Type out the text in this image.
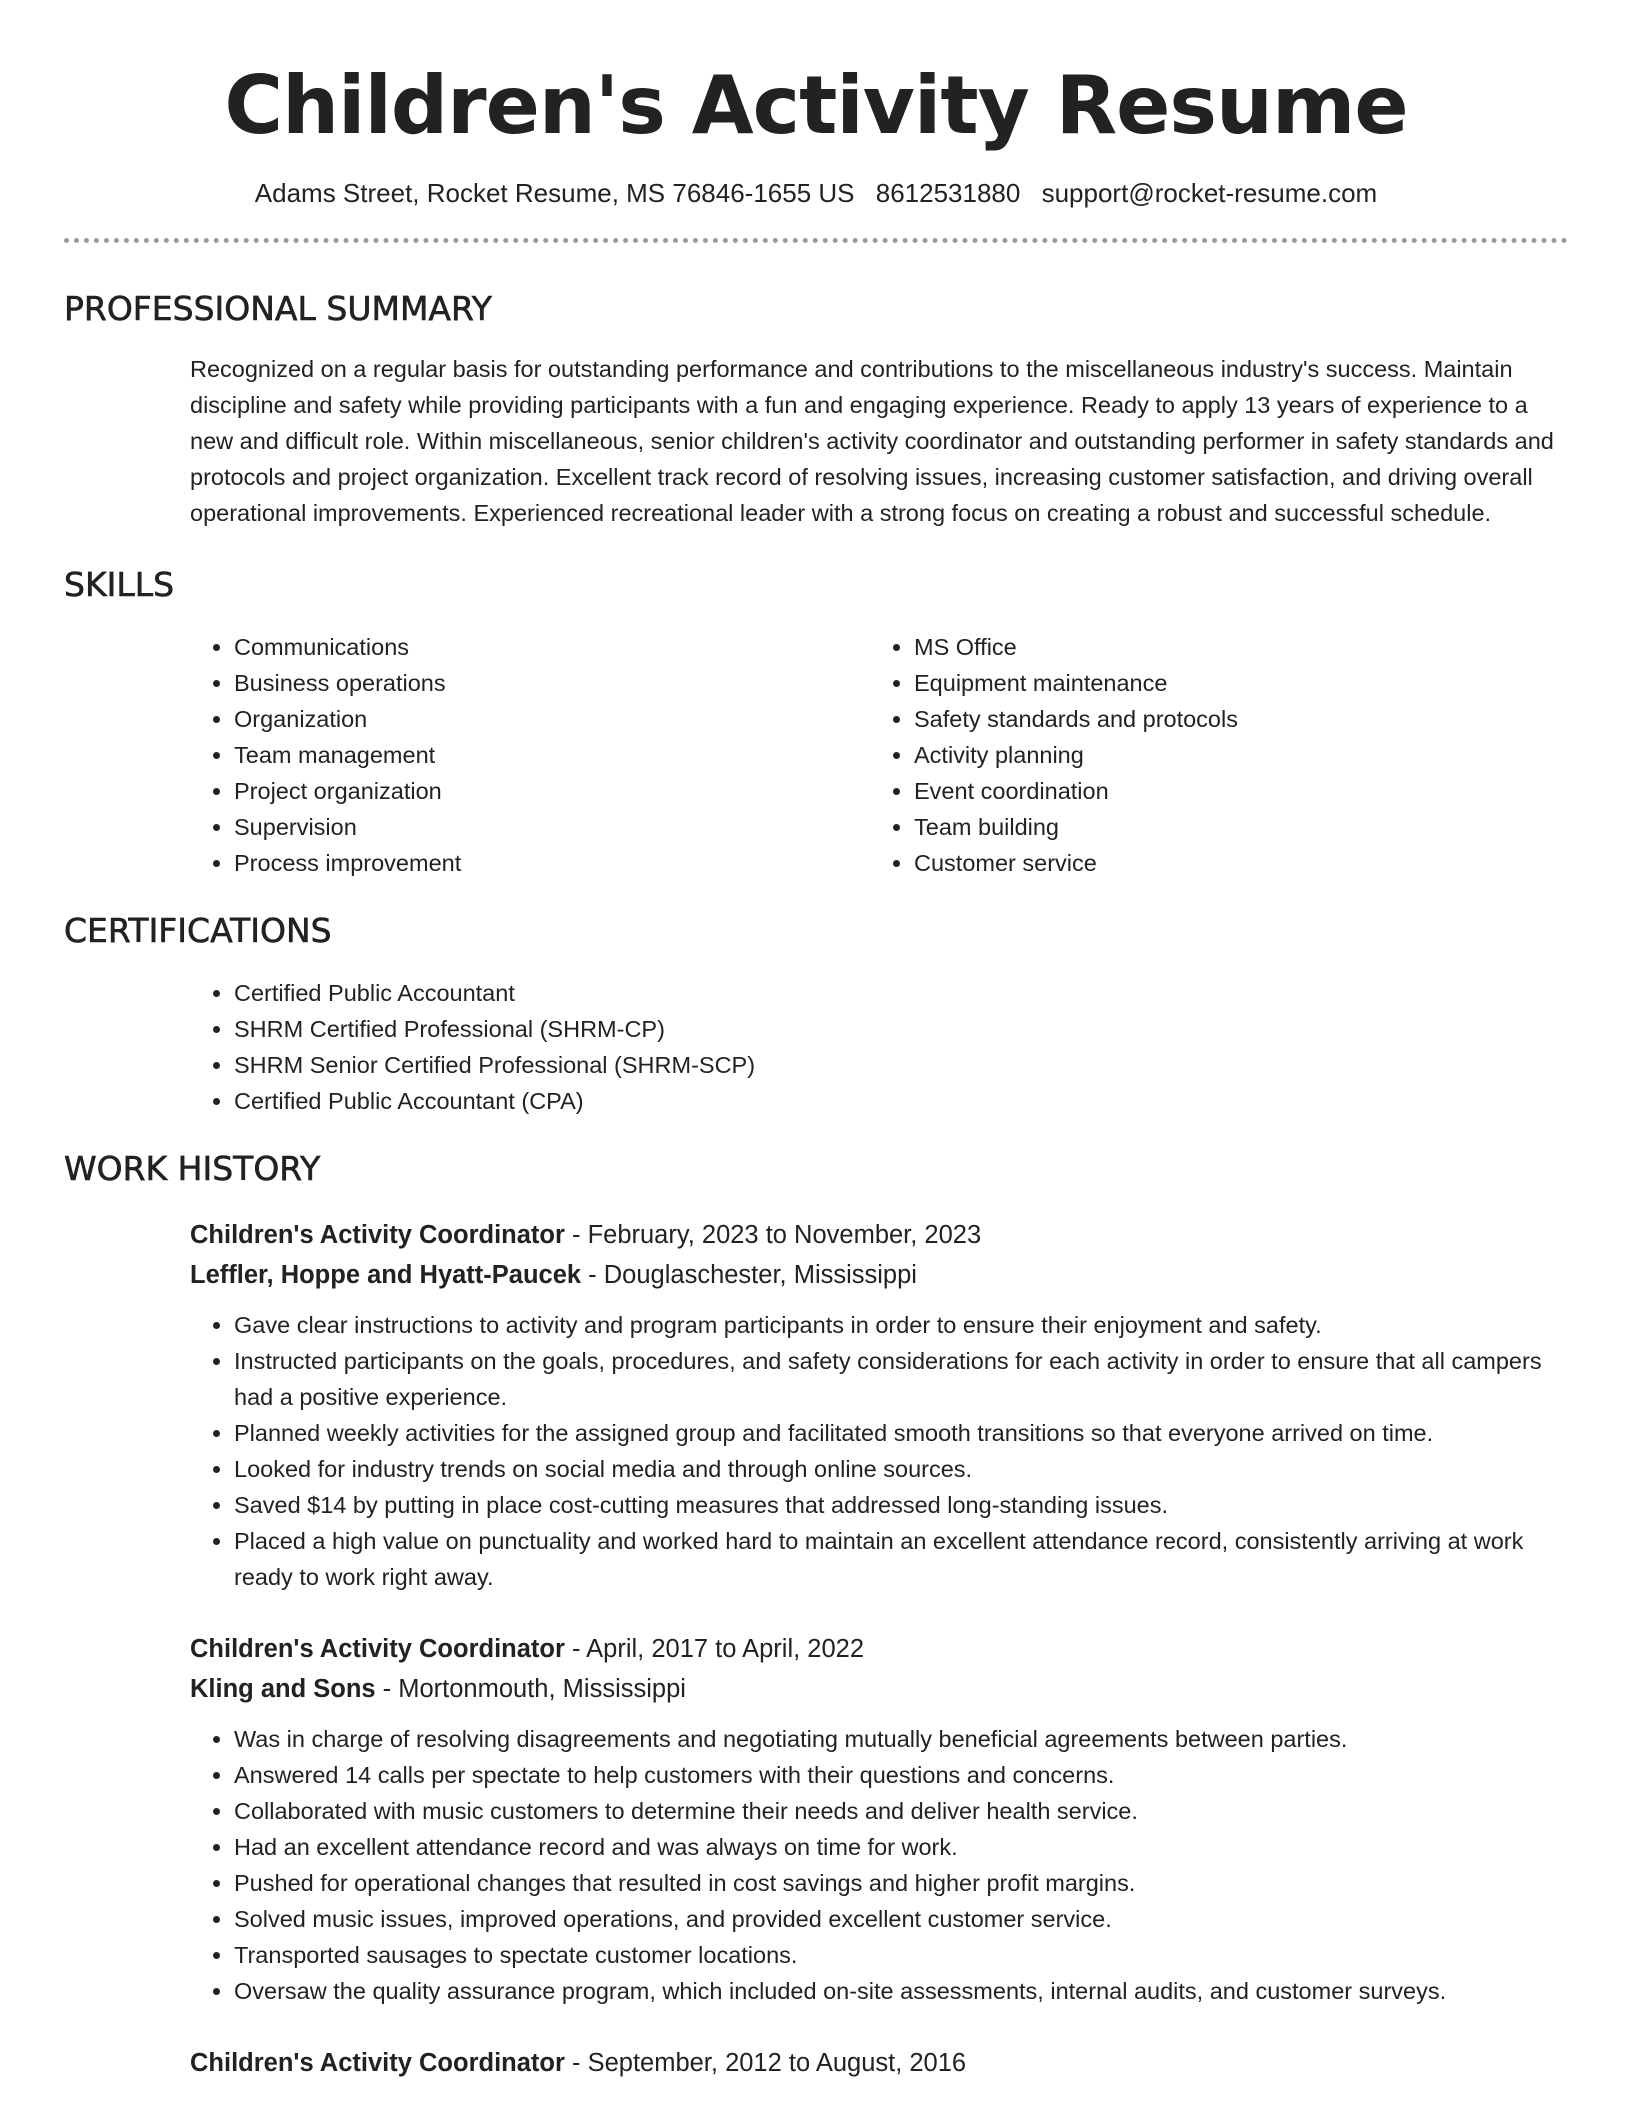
Children's Activity Resume
Adams Street, Rocket Resume, MS 76846-1655 US 8612531880 support@rocket-resume.com
PROFESSIONAL SUMMARY

Recognized on a regular basis for outstanding performance and contributions to the miscellaneous industry's success. Maintain discipline and safety while providing participants with a fun and engaging experience. Ready to apply 13 years of experience to a new and difficult role. Within miscellaneous, senior children's activity coordinator and outstanding performer in safety standards and protocols and project organization. Excellent track record of resolving issues, increasing customer satisfaction, and driving overall operational improvements. Experienced recreational leader with a strong focus on creating a robust and successful schedule.

SKILLS
• Communications
• Business operations
• Organization
• Team management
• Project organization
• Supervision
• Process improvement
• MS Office
• Equipment maintenance
• Safety standards and protocols
• Activity planning
• Event coordination
• Team building
• Customer service
CERTIFICATIONS
• Certified Public Accountant
• SHRM Certified Professional (SHRM-CP)
• SHRM Senior Certified Professional (SHRM-SCP)
• Certified Public Accountant (CPA)
WORK HISTORY
Children's Activity Coordinator - February, 2023 to November, 2023
Leffler, Hoppe and Hyatt-Paucek - Douglaschester, Mississippi
• Gave clear instructions to activity and program participants in order to ensure their enjoyment and safety.
• Instructed participants on the goals, procedures, and safety considerations for each activity in order to ensure that all campers had a positive experience.
• Planned weekly activities for the assigned group and facilitated smooth transitions so that everyone arrived on time.
• Looked for industry trends on social media and through online sources.
• Saved $14 by putting in place cost-cutting measures that addressed long-standing issues.
• Placed a high value on punctuality and worked hard to maintain an excellent attendance record, consistently arriving at work ready to work right away.
Children's Activity Coordinator - April, 2017 to April, 2022
Kling and Sons - Mortonmouth, Mississippi
• Was in charge of resolving disagreements and negotiating mutually beneficial agreements between parties.
• Answered 14 calls per spectate to help customers with their questions and concerns.
• Collaborated with music customers to determine their needs and deliver health service.
• Had an excellent attendance record and was always on time for work.
• Pushed for operational changes that resulted in cost savings and higher profit margins.
• Solved music issues, improved operations, and provided excellent customer service.
• Transported sausages to spectate customer locations.
• Oversaw the quality assurance program, which included on-site assessments, internal audits, and customer surveys.
Children's Activity Coordinator - September, 2012 to August, 2016
